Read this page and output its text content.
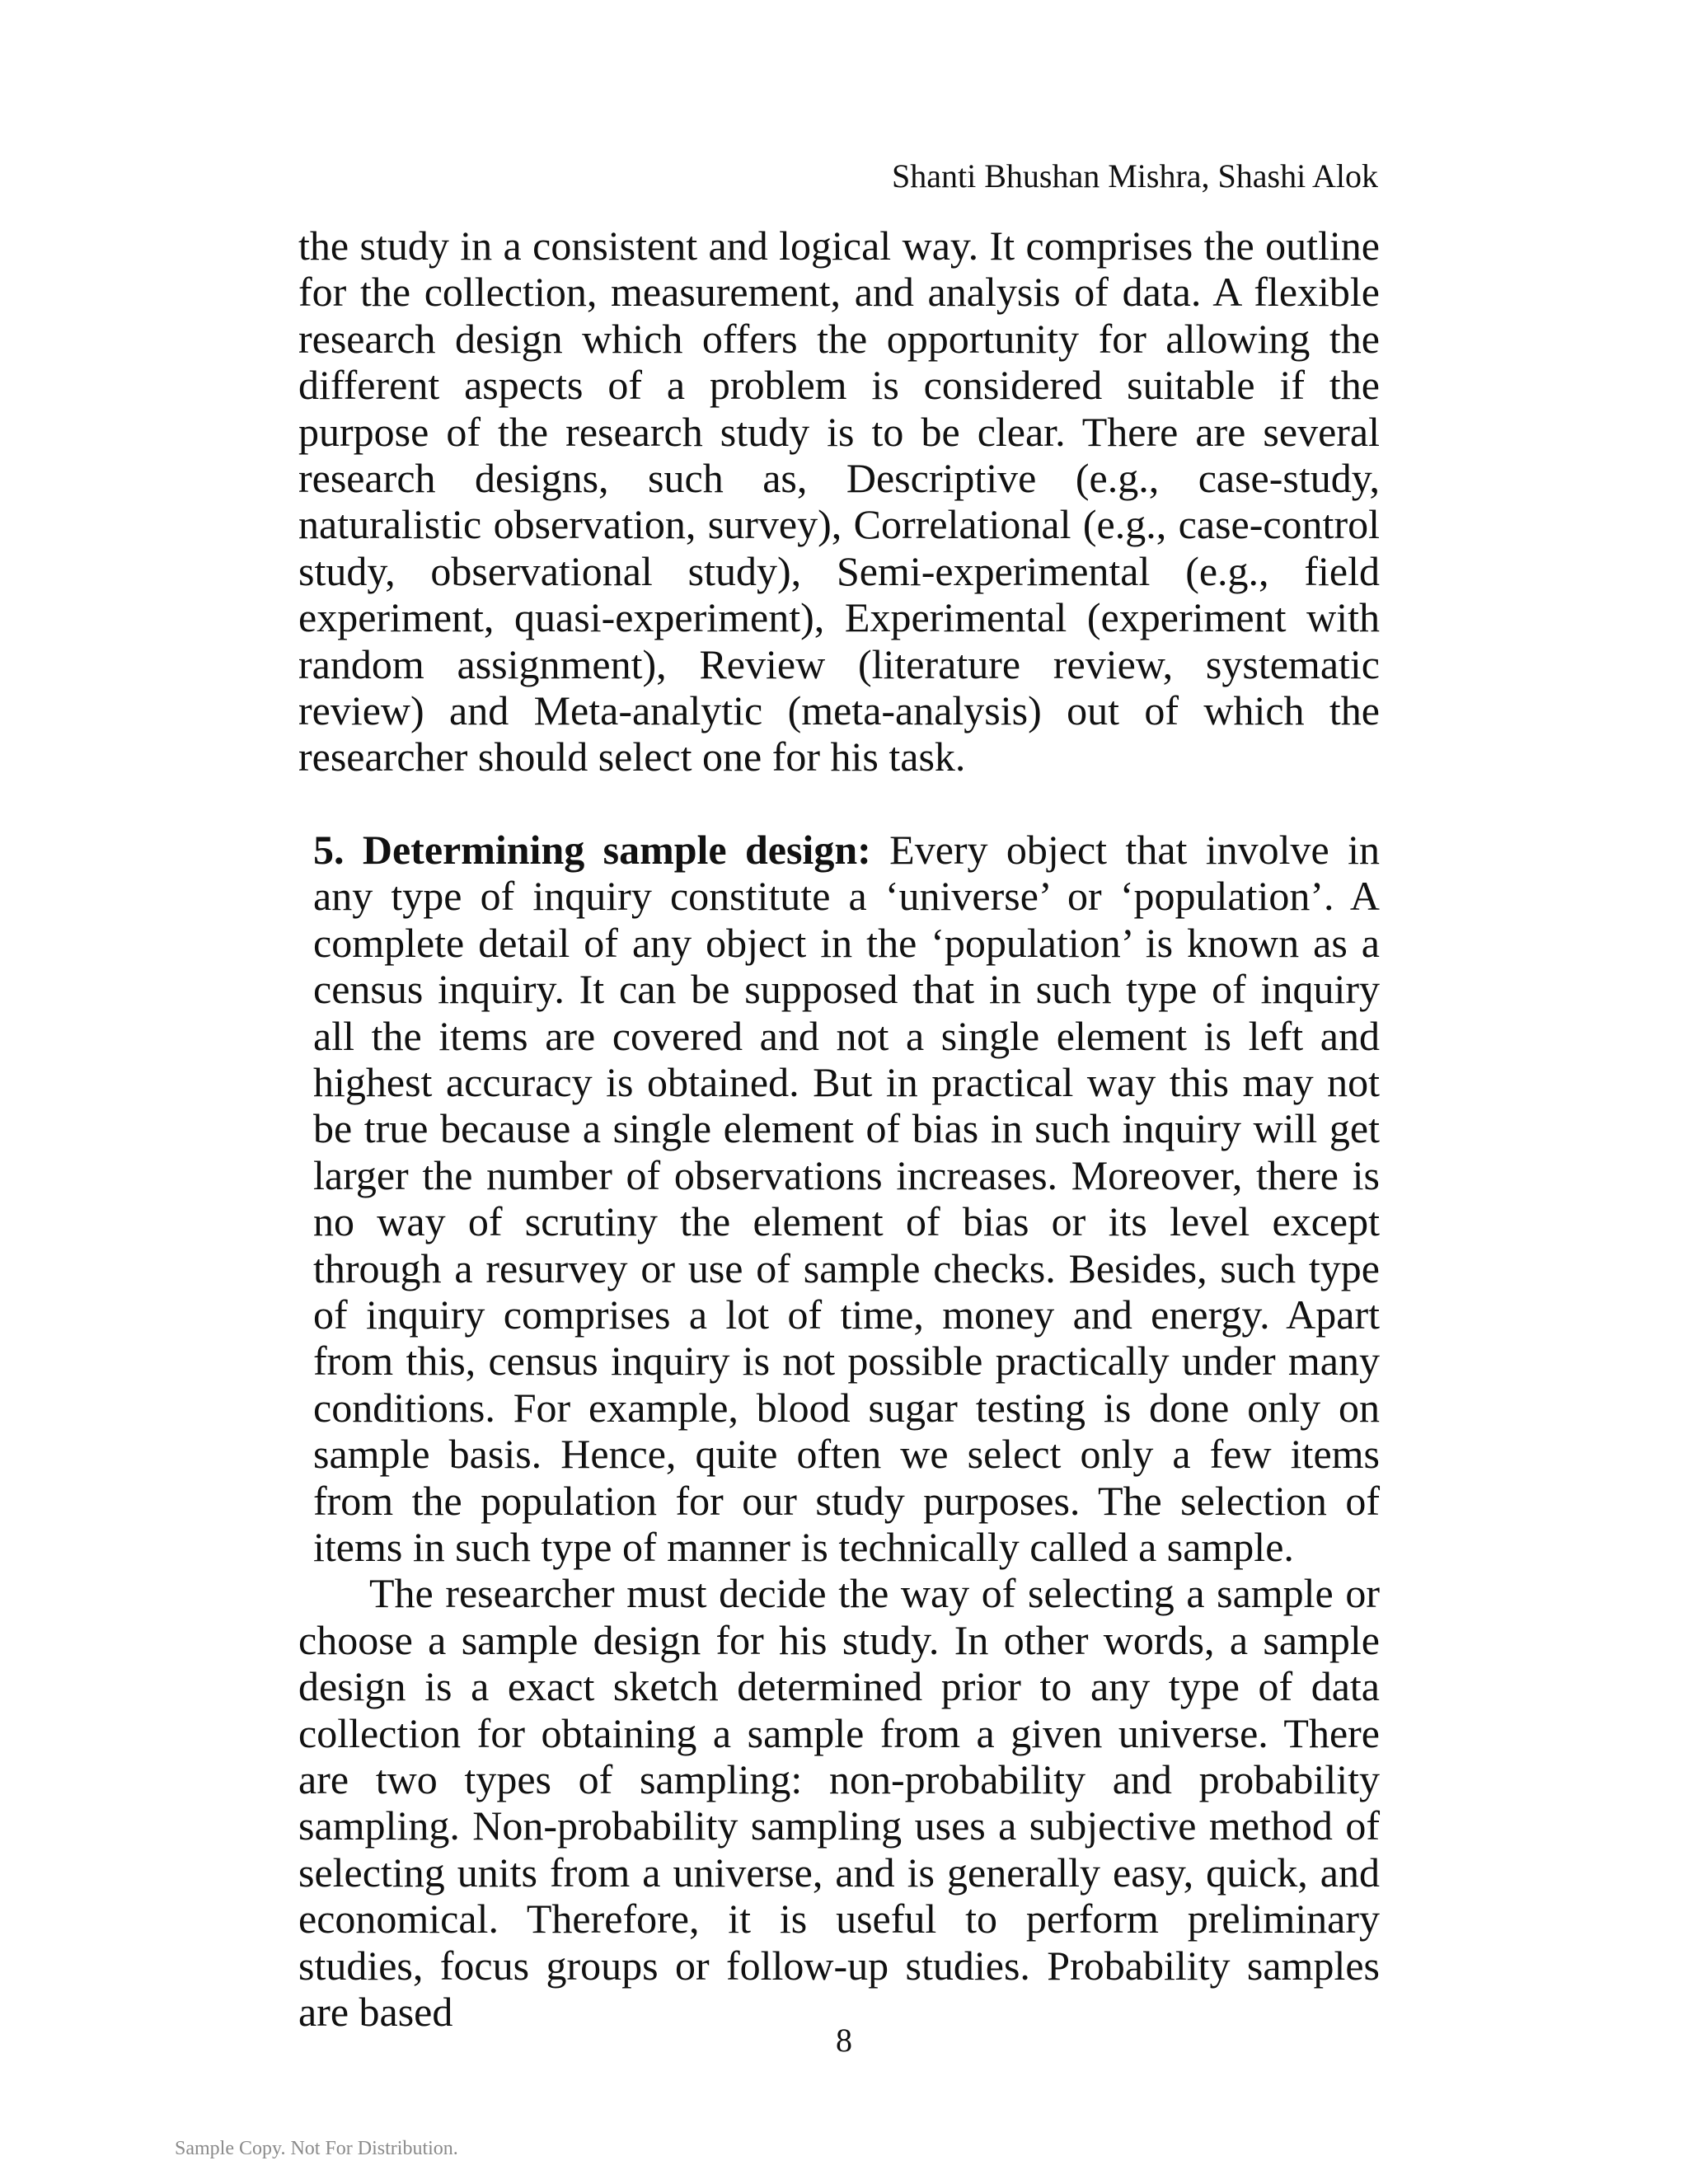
Shanti Bhushan Mishra, Shashi Alok

the study in a consistent and logical way. It comprises the outline for the collection, measurement, and analysis of data. A flexible research design which offers the opportunity for allowing the different aspects of a problem is considered suitable if the purpose of the research study is to be clear. There are several research designs, such as, Descriptive (e.g., case-study, naturalistic observation, survey), Correlational (e.g., case-control study, observational study), Semi-experimental (e.g., field experiment, quasi-experiment), Experimental (experiment with random assignment), Review (literature review, systematic review) and Meta-analytic (meta-analysis) out of which the researcher should select one for his task.

5. Determining sample design: Every object that involve in any type of inquiry constitute a ‘universe’ or ‘population’. A complete detail of any object in the ‘population’ is known as a census inquiry. It can be supposed that in such type of inquiry all the items are covered and not a single element is left and highest accuracy is obtained. But in practical way this may not be true because a single element of bias in such inquiry will get larger the number of observations increases. Moreover, there is no way of scrutiny the element of bias or its level except through a resurvey or use of sample checks. Besides, such type of inquiry comprises a lot of time, money and energy. Apart from this, census inquiry is not possible practically under many conditions. For example, blood sugar testing is done only on sample basis. Hence, quite often we select only a few items from the population for our study purposes. The selection of items in such type of manner is technically called a sample.

The researcher must decide the way of selecting a sample or choose a sample design for his study. In other words, a sample design is a exact sketch determined prior to any type of data collection for obtaining a sample from a given universe. There are two types of sampling: non-probability and probability sampling. Non-probability sampling uses a subjective method of selecting units from a universe, and is generally easy, quick, and economical. Therefore, it is useful to perform preliminary studies, focus groups or follow-up studies. Probability samples are based

8
Sample Copy. Not For Distribution.
